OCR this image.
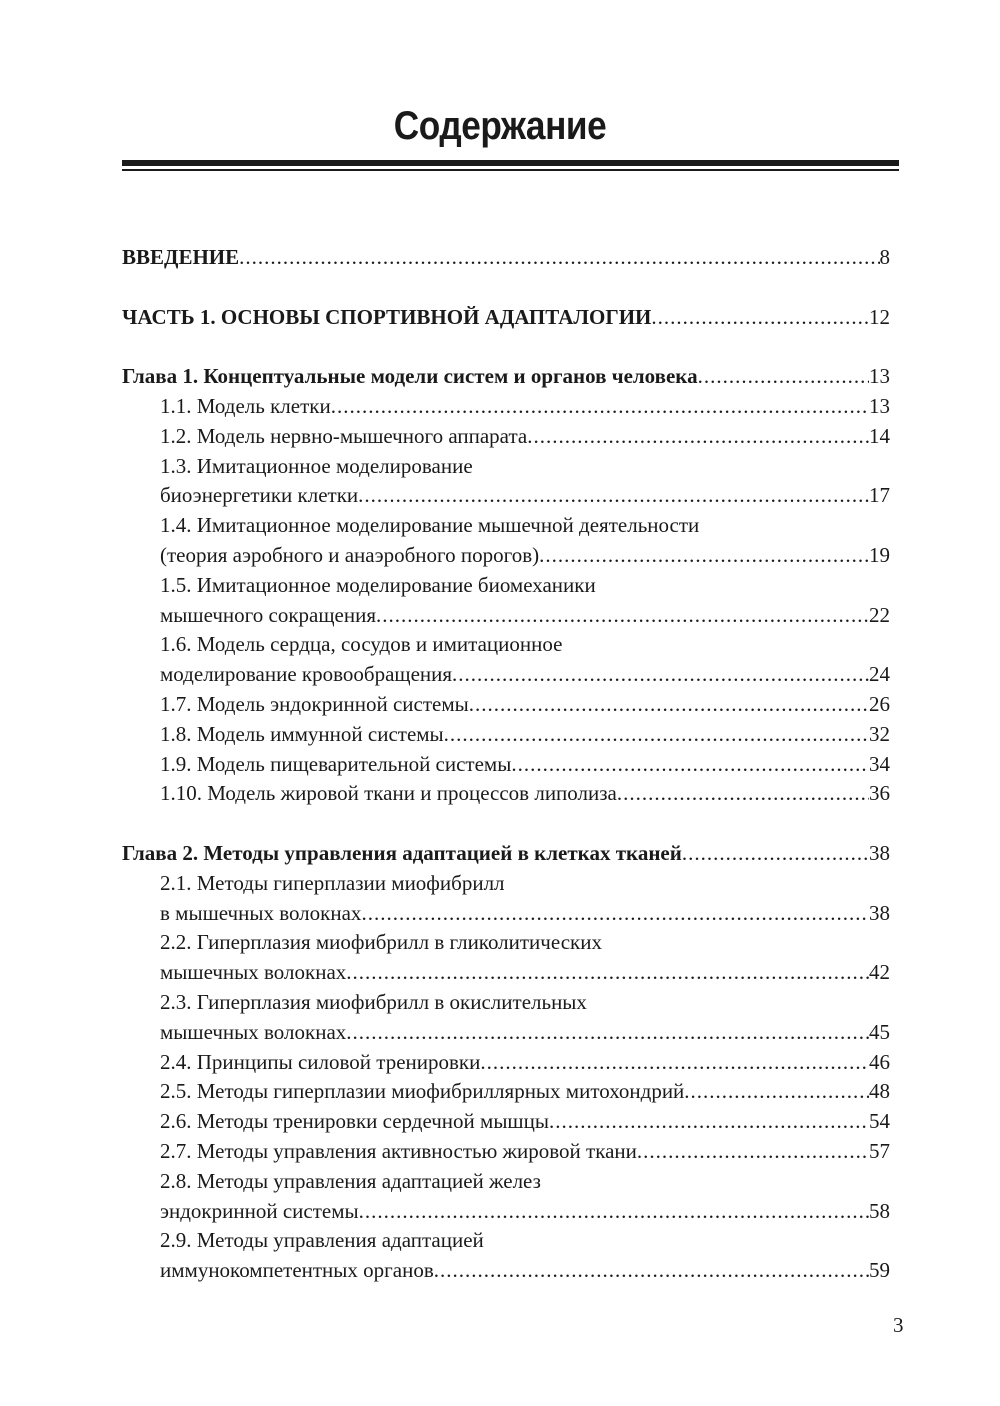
Содержание
ВВЕДЕНИЕ .....	8
ЧАСТЬ 1. ОСНОВЫ СПОРТИВНОЙ АДАПТАЛОГИИ .....	12
Глава 1. Концептуальные модели систем и органов человека .....	13
1.1. Модель клетки .....	13
1.2. Модель нервно-мышечного аппарата .....	14
1.3. Имитационное моделирование
биоэнергетики клетки .....	17
1.4. Имитационное моделирование мышечной деятельности
(теория аэробного и анаэробного порогов) .....	19
1.5. Имитационное моделирование биомеханики
мышечного сокращения .....	22
1.6. Модель сердца, сосудов и имитационное
моделирование кровообращения .....	24
1.7. Модель эндокринной системы .....	26
1.8. Модель иммунной системы .....	32
1.9. Модель пищеварительной системы .....	34
1.10. Модель жировой ткани и процессов липолиза .....	36
Глава 2. Методы управления адаптацией в клетках тканей .....	38
2.1. Методы гиперплазии миофибрилл
в мышечных волокнах .....	38
2.2. Гиперплазия миофибрилл в гликолитических
мышечных волокнах .....	42
2.3. Гиперплазия миофибрилл в окислительных
мышечных волокнах .....	45
2.4. Принципы силовой тренировки .....	46
2.5. Методы гиперплазии миофибриллярных митохондрий .....	48
2.6. Методы тренировки сердечной мышцы .....	54
2.7. Методы управления активностью жировой ткани .....	57
2.8. Методы управления адаптацией желез
эндокринной системы .....	58
2.9. Методы управления адаптацией
иммунокомпетентных органов .....	59
3
